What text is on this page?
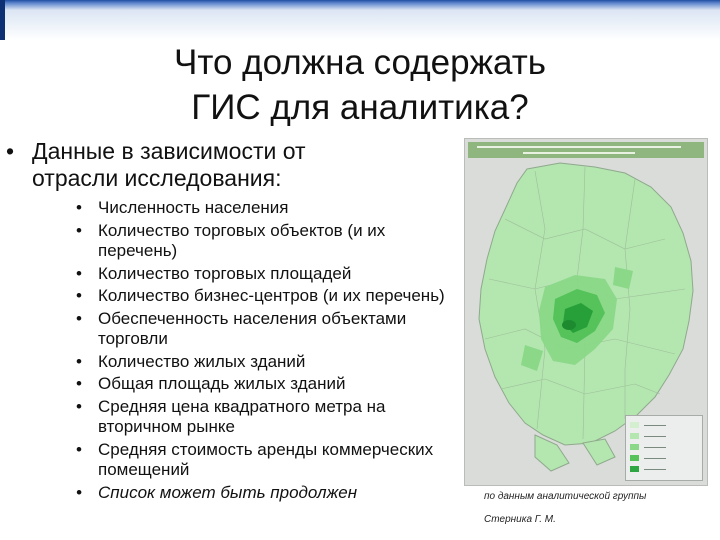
Что должна содержать
ГИС для аналитика?
• Данные в зависимости от отрасли исследования:
• Численность населения
• Количество торговых объектов (и их перечень)
• Количество торговых площадей
• Количество бизнес-центров (и их перечень)
• Обеспеченность населения объектами торговли
• Количество жилых зданий
• Общая площадь жилых зданий
• Средняя цена квадратного метра на вторичном рынке
• Средняя стоимость аренды коммерческих помещений
• Список может быть продолжен	по данным аналитической группы
Стерника Г. М.
